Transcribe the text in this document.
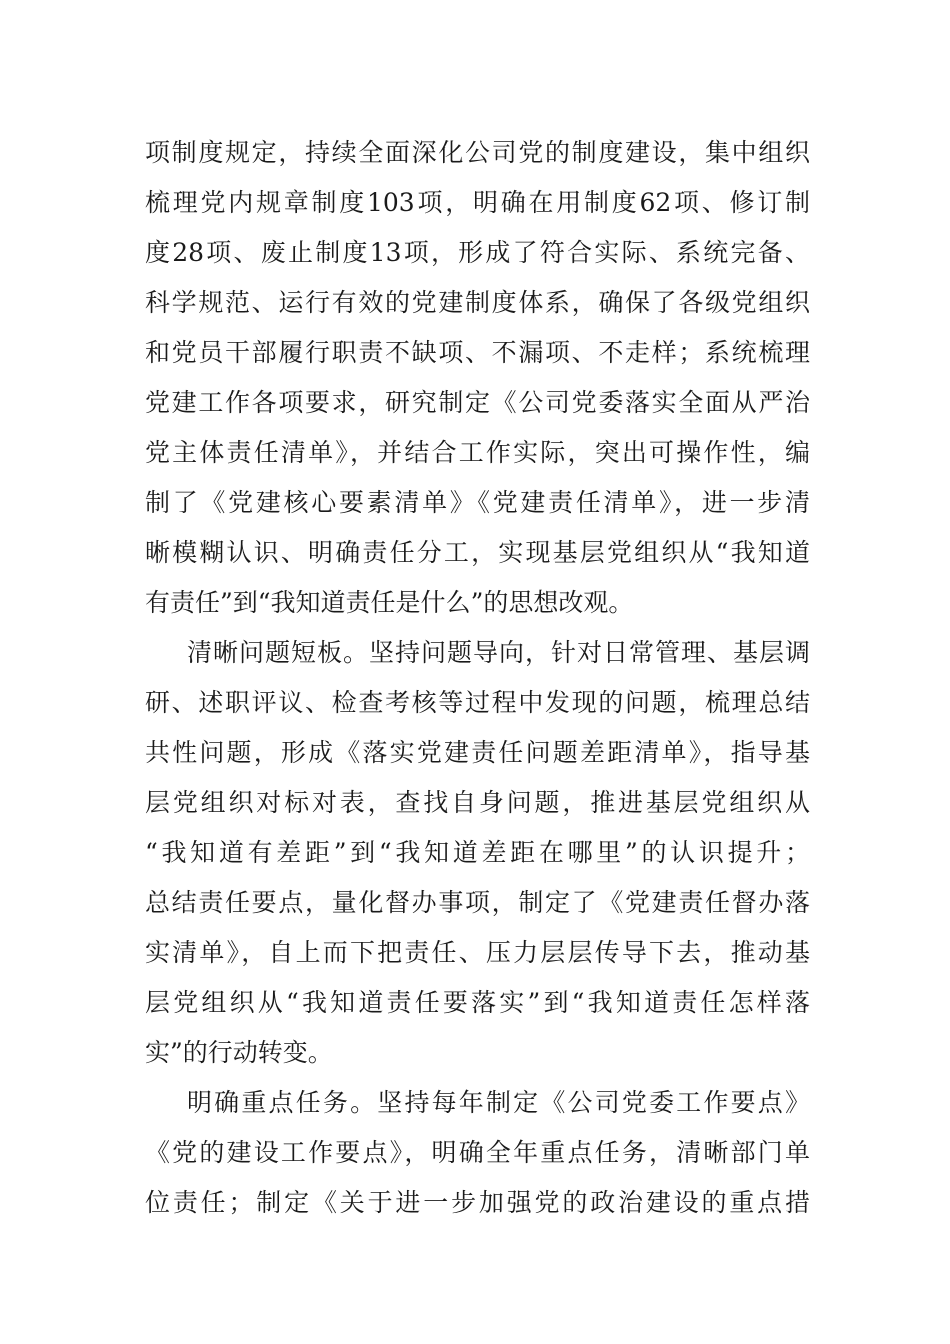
项制度规定，持续全面深化公司党的制度建设，集中组织
梳理党内规章制度103项，明确在用制度62项、修订制
度28项、废止制度13项，形成了符合实际、系统完备、
科学规范、运行有效的党建制度体系，确保了各级党组织
和党员干部履行职责不缺项、不漏项、不走样；系统梳理
党建工作各项要求，研究制定《公司党委落实全面从严治
党主体责任清单》，并结合工作实际，突出可操作性，编
制了《党建核心要素清单》《党建责任清单》，进一步清
晰模糊认识、明确责任分工，实现基层党组织从“我知道
有责任”到“我知道责任是什么”的思想改观。
清晰问题短板。坚持问题导向，针对日常管理、基层调
研、述职评议、检查考核等过程中发现的问题，梳理总结
共性问题，形成《落实党建责任问题差距清单》，指导基
层党组织对标对表，查找自身问题，推进基层党组织从
“我知道有差距”到“我知道差距在哪里”的认识提升；
总结责任要点，量化督办事项，制定了《党建责任督办落
实清单》，自上而下把责任、压力层层传导下去，推动基
层党组织从“我知道责任要落实”到“我知道责任怎样落
实”的行动转变。
明确重点任务。坚持每年制定《公司党委工作要点》
《党的建设工作要点》，明确全年重点任务，清晰部门单
位责任；制定《关于进一步加强党的政治建设的重点措
